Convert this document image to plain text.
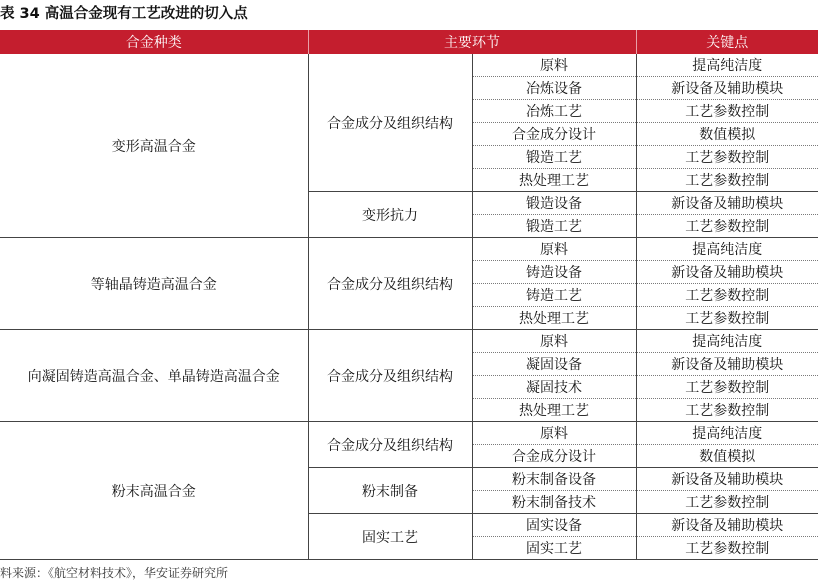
表 34 高温合金现有工艺改进的切入点
合金种类	主要环节		关键点
变形高温合金	合金成分及组织结构	原料	提高纯洁度
		冶炼设备	新设备及辅助模块
		冶炼工艺	工艺参数控制
		合金成分设计	数值模拟
		锻造工艺	工艺参数控制
		热处理工艺	工艺参数控制
	变形抗力	锻造设备	新设备及辅助模块
		锻造工艺	工艺参数控制
等轴晶铸造高温合金	合金成分及组织结构	原料	提高纯洁度
		铸造设备	新设备及辅助模块
		铸造工艺	工艺参数控制
		热处理工艺	工艺参数控制
向凝固铸造高温合金、单晶铸造高温合金	合金成分及组织结构	原料	提高纯洁度
		凝固设备	新设备及辅助模块
		凝固技术	工艺参数控制
		热处理工艺	工艺参数控制
粉末高温合金	合金成分及组织结构	原料	提高纯洁度
		合金成分设计	数值模拟
	粉末制备	粉末制备设备	新设备及辅助模块
		粉末制备技术	工艺参数控制
	固实工艺	固实设备	新设备及辅助模块
		固实工艺	工艺参数控制
料来源：《航空材料技术》，华安证券研究所
